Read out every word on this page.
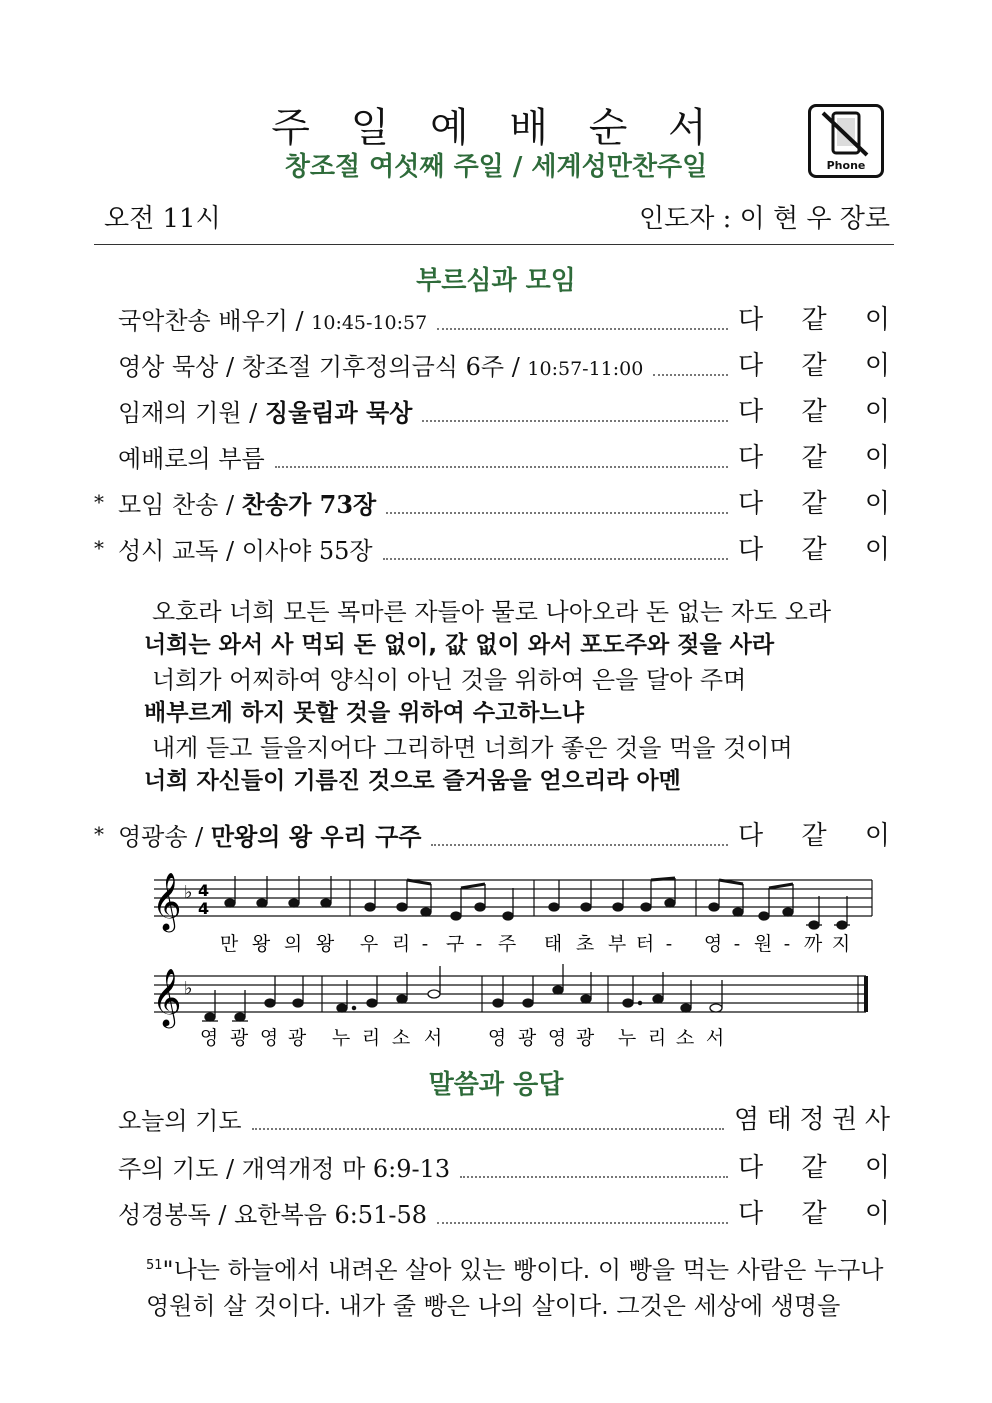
주 일 예 배 순 서
창조절 여섯째 주일 / 세계성만찬주일	Phone
오전 11시	인도자 : 이 현 우 장로
부르심과 모임
국악찬송 배우기 / 10:45-10:57	다 같 이
영상 묵상 / 창조절 기후정의금식 6주 / 10:57-11:00	다 같 이
임재의 기원 / 징울림과 묵상	다 같 이
예배로의 부름	다 같 이
* 모임 찬송 / 찬송가 73장	다 같 이
* 성시 교독 / 이사야 55장	다 같 이
오호라 너희 모든 목마른 자들아 물로 나아오라 돈 없는 자도 오라
너희는 와서 사 먹되 돈 없이, 값 없이 와서 포도주와 젖을 사라
너희가 어찌하여 양식이 아닌 것을 위하여 은을 달아 주며
배부르게 하지 못할 것을 위하여 수고하느냐
내게 듣고 들을지어다 그리하면 너희가 좋은 것을 먹을 것이며
너희 자신들이 기름진 것으로 즐거움을 얻으리라 아멘
* 영광송 / 만왕의 왕 우리 구주	다 같 이
𝄞 ♭ 4
4
만 왕 의 왕 우 리 - 구 - 주 태 초 부 터 - 영 - 원 - 까 지
𝄞 ♭
영 광 영 광 누 리 소 서 영 광 영 광 누 리 소 서
말씀과 응답
오늘의 기도	염 태 정 권 사
주의 기도 / 개역개정 마 6:9-13	다 같 이
성경봉독 / 요한복음 6:51-58	다 같 이
$^{51}$"나는 하늘에서 내려온 살아 있는 빵이다. 이 빵을 먹는 사람은 누구나
영원히 살 것이다. 내가 줄 빵은 나의 살이다. 그것은 세상에 생명을
